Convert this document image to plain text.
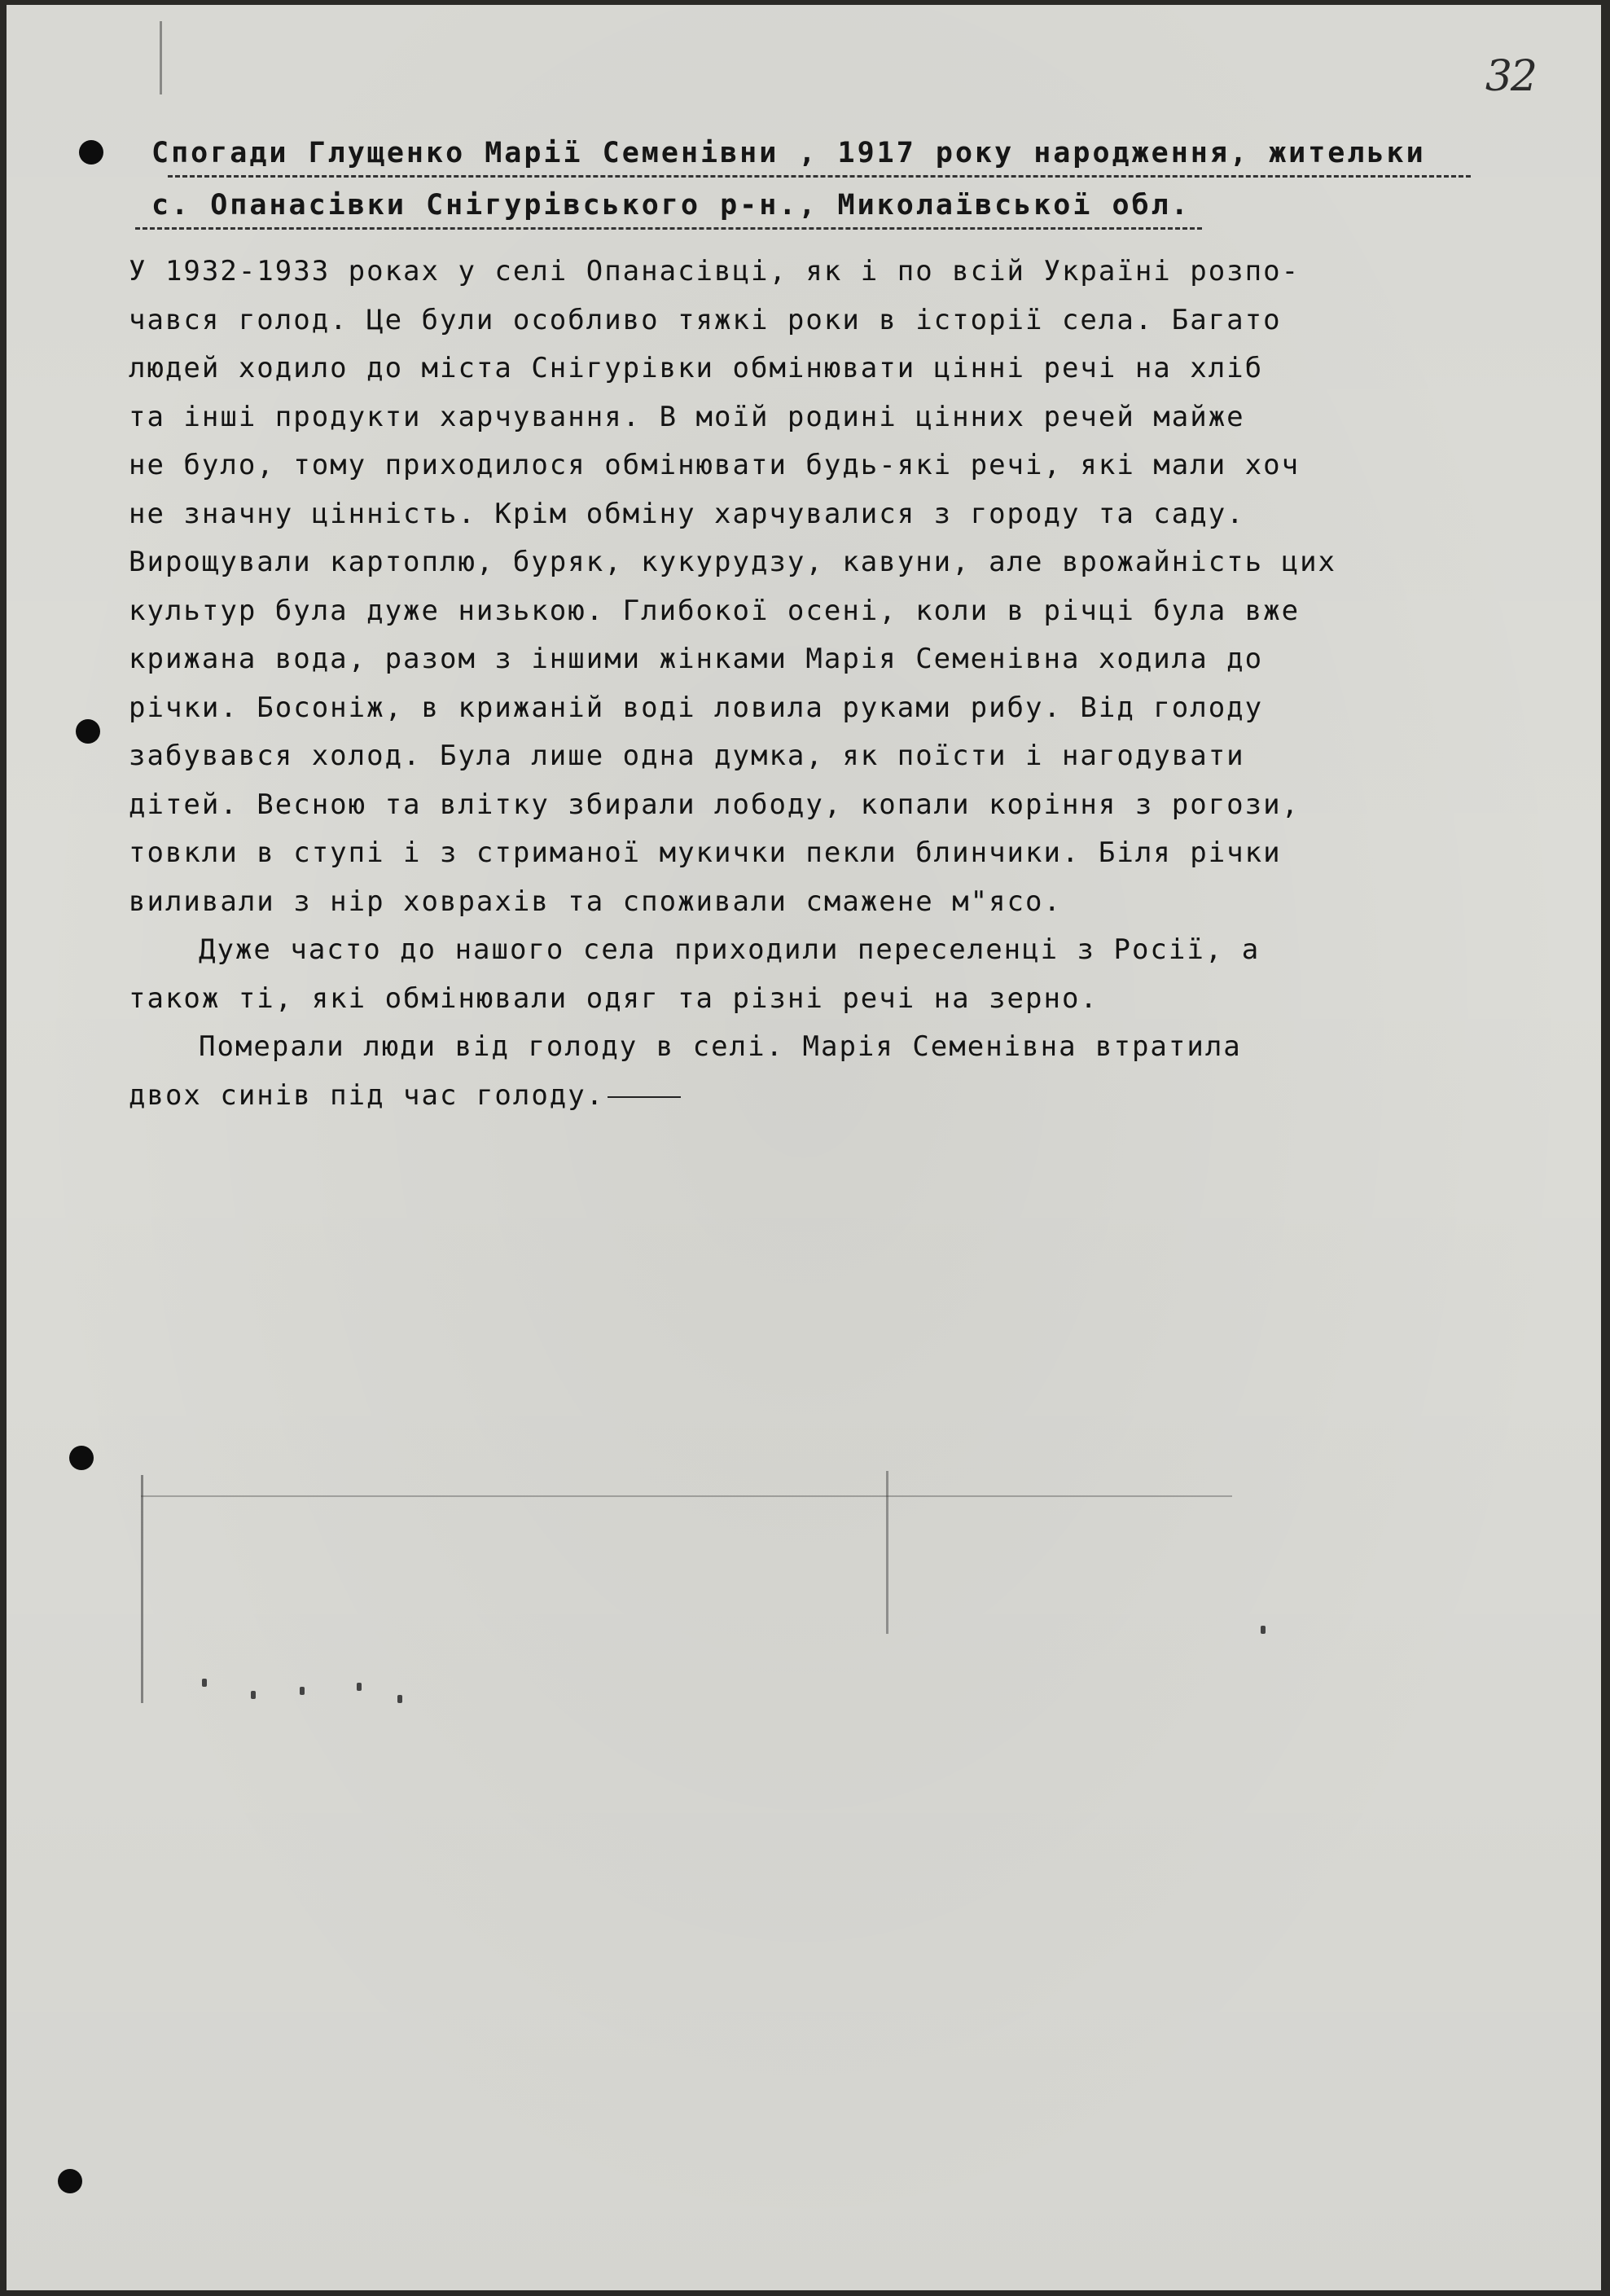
32
Спогади Глущенко Марії Семенівни , 1917 року народження, жительки
с. Опанасівки Снігурівського р-н., Миколаївської обл.
У 1932-1933 роках у селі Опанасівці, як і по всій Україні розпо-
чався голод. Це були особливо тяжкі роки в історії села. Багато
людей ходило до міста Снігурівки обмінювати цінні речі на хліб
та інші продукти харчування. В моїй родині цінних речей майже
не було, тому приходилося обмінювати будь-які речі, які мали хоч
не значну цінність. Крім обміну харчувалися з городу та саду.
Вирощували картоплю, буряк, кукурудзу, кавуни, але врожайність цих
культур була дуже низькою. Глибокої осені, коли в річці була вже
крижана вода, разом з іншими жінками Марія Семенівна ходила до
річки. Босоніж, в крижаній воді ловила руками рибу. Від голоду
забувався холод. Була лише одна думка, як поїсти і нагодувати
дітей. Весною та влітку збирали лободу, копали коріння з рогози,
товкли в ступі і з стриманої мукички пекли блинчики. Біля річки
виливали з нір ховрахів та споживали смажене м"ясо.
Дуже часто до нашого села приходили переселенці з Росії, а
також ті, які обмінювали одяг та різні речі на зерно.
Померали люди від голоду в селі. Марія Семенівна втратила
двох синів під час голоду.
